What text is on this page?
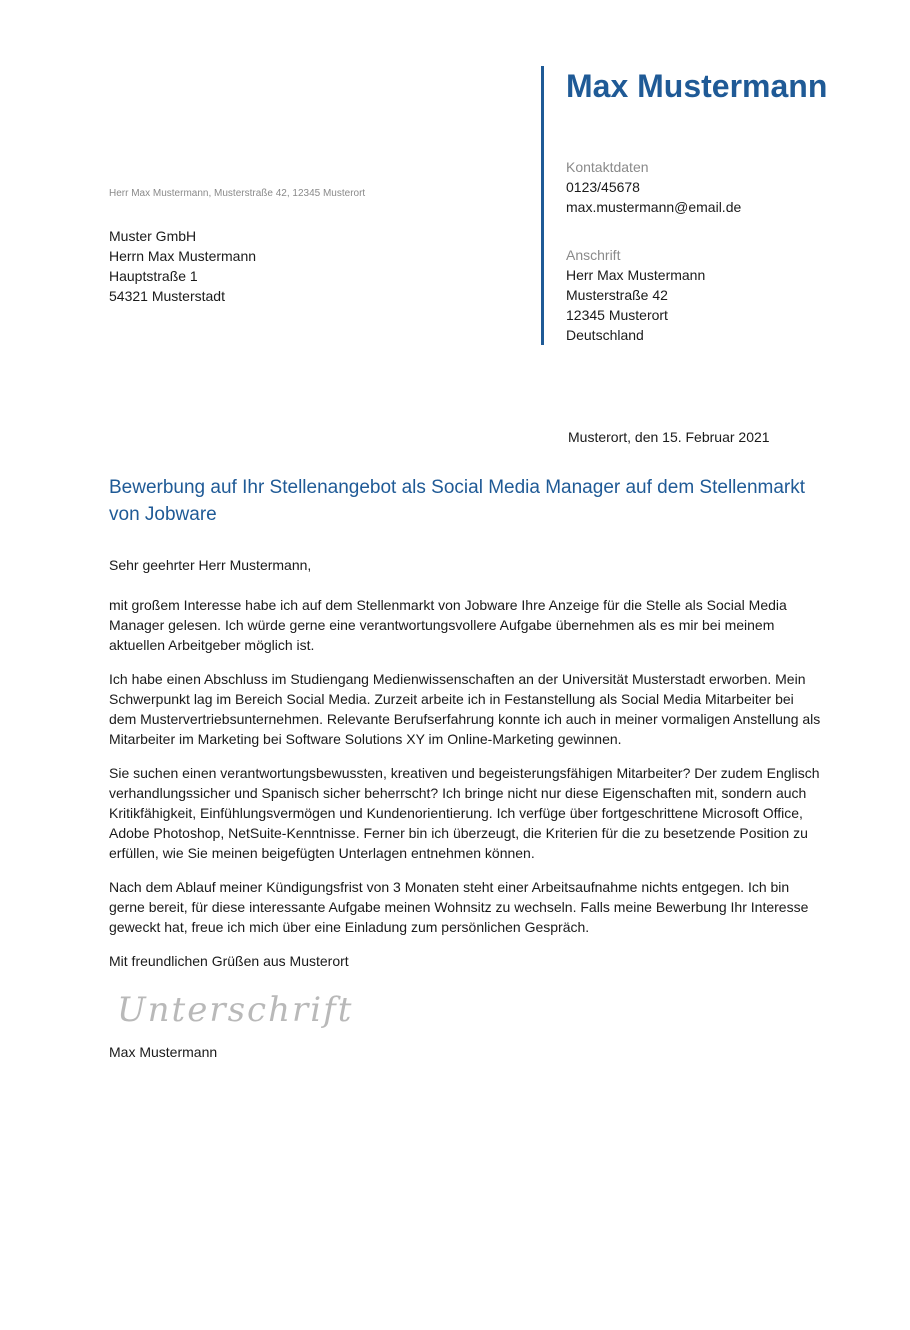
Max Mustermann
Kontaktdaten
0123/45678
max.mustermann@email.de
Anschrift
Herr Max Mustermann
Musterstraße 42
12345 Musterort
Deutschland
Herr Max Mustermann, Musterstraße 42, 12345 Musterort
Muster GmbH
Herrn Max Mustermann
Hauptstraße 1
54321 Musterstadt
Musterort, den 15. Februar 2021
Bewerbung auf Ihr Stellenangebot als Social Media Manager auf dem Stellenmarkt von Jobware

Sehr geehrter Herr Mustermann,

mit großem Interesse habe ich auf dem Stellenmarkt von Jobware Ihre Anzeige für die Stelle als Social Media Manager gelesen. Ich würde gerne eine verantwortungsvollere Aufgabe übernehmen als es mir bei meinem aktuellen Arbeitgeber möglich ist.

Ich habe einen Abschluss im Studiengang Medienwissenschaften an der Universität Musterstadt erworben. Mein Schwerpunkt lag im Bereich Social Media. Zurzeit arbeite ich in Festanstellung als Social Media Mitarbeiter bei dem Mustervertriebsunternehmen. Relevante Berufserfahrung konnte ich auch in meiner vormaligen Anstellung als Mitarbeiter im Marketing bei Software Solutions XY im Online-Marketing gewinnen.

Sie suchen einen verantwortungsbewussten, kreativen und begeisterungsfähigen Mitarbeiter? Der zudem Englisch verhandlungssicher und Spanisch sicher beherrscht? Ich bringe nicht nur diese Eigenschaften mit, sondern auch Kritikfähigkeit, Einfühlungsvermögen und Kundenorientierung. Ich verfüge über fortgeschrittene Microsoft Office, Adobe Photoshop, NetSuite-Kenntnisse. Ferner bin ich überzeugt, die Kriterien für die zu besetzende Position zu erfüllen, wie Sie meinen beigefügten Unterlagen entnehmen können.

Nach dem Ablauf meiner Kündigungsfrist von 3 Monaten steht einer Arbeitsaufnahme nichts entgegen. Ich bin gerne bereit, für diese interessante Aufgabe meinen Wohnsitz zu wechseln. Falls meine Bewerbung Ihr Interesse geweckt hat, freue ich mich über eine Einladung zum persönlichen Gespräch.

Mit freundlichen Grüßen aus Musterort

Unterschrift
Max Mustermann
